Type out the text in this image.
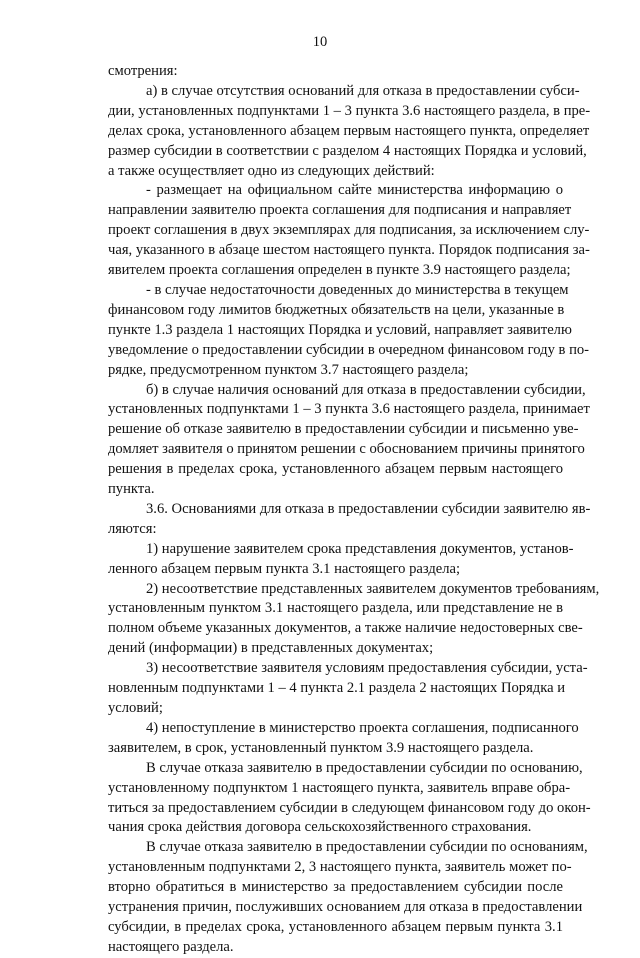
10
смотрения:
а) в случае отсутствия оснований для отказа в предоставлении субси-
дии, установленных подпунктами 1 – 3 пункта 3.6 настоящего раздела, в пре-
делах срока, установленного абзацем первым настоящего пункта, определяет
размер субсидии в соответствии с разделом 4 настоящих Порядка и условий,
а также осуществляет одно из следующих действий:
- размещает на официальном сайте министерства информацию о
направлении заявителю проекта соглашения для подписания и направляет
проект соглашения в двух экземплярах для подписания, за исключением слу-
чая, указанного в абзаце шестом настоящего пункта. Порядок подписания за-
явителем проекта соглашения определен в пункте 3.9 настоящего раздела;
- в случае недостаточности доведенных до министерства в текущем
финансовом году лимитов бюджетных обязательств на цели, указанные в
пункте 1.3 раздела 1 настоящих Порядка и условий, направляет заявителю
уведомление о предоставлении субсидии в очередном финансовом году в по-
рядке, предусмотренном пунктом 3.7 настоящего раздела;
б) в случае наличия оснований для отказа в предоставлении субсидии,
установленных подпунктами 1 – 3 пункта 3.6 настоящего раздела, принимает
решение об отказе заявителю в предоставлении субсидии и письменно уве-
домляет заявителя о принятом решении с обоснованием причины принятого
решения в пределах срока, установленного абзацем первым настоящего
пункта.
3.6. Основаниями для отказа в предоставлении субсидии заявителю яв-
ляются:
1) нарушение заявителем срока представления документов, установ-
ленного абзацем первым пункта 3.1 настоящего раздела;
2) несоответствие представленных заявителем документов требованиям,
установленным пунктом 3.1 настоящего раздела, или представление не в
полном объеме указанных документов, а также наличие недостоверных све-
дений (информации) в представленных документах;
3) несоответствие заявителя условиям предоставления субсидии, уста-
новленным подпунктами 1 – 4 пункта 2.1 раздела 2 настоящих Порядка и
условий;
4) непоступление в министерство проекта соглашения, подписанного
заявителем, в срок, установленный пунктом 3.9 настоящего раздела.
В случае отказа заявителю в предоставлении субсидии по основанию,
установленному подпунктом 1 настоящего пункта, заявитель вправе обра-
титься за предоставлением субсидии в следующем финансовом году до окон-
чания срока действия договора сельскохозяйственного страхования.
В случае отказа заявителю в предоставлении субсидии по основаниям,
установленным подпунктами 2, 3 настоящего пункта, заявитель может по-
вторно обратиться в министерство за предоставлением субсидии после
устранения причин, послуживших основанием для отказа в предоставлении
субсидии, в пределах срока, установленного абзацем первым пункта 3.1
настоящего раздела.
